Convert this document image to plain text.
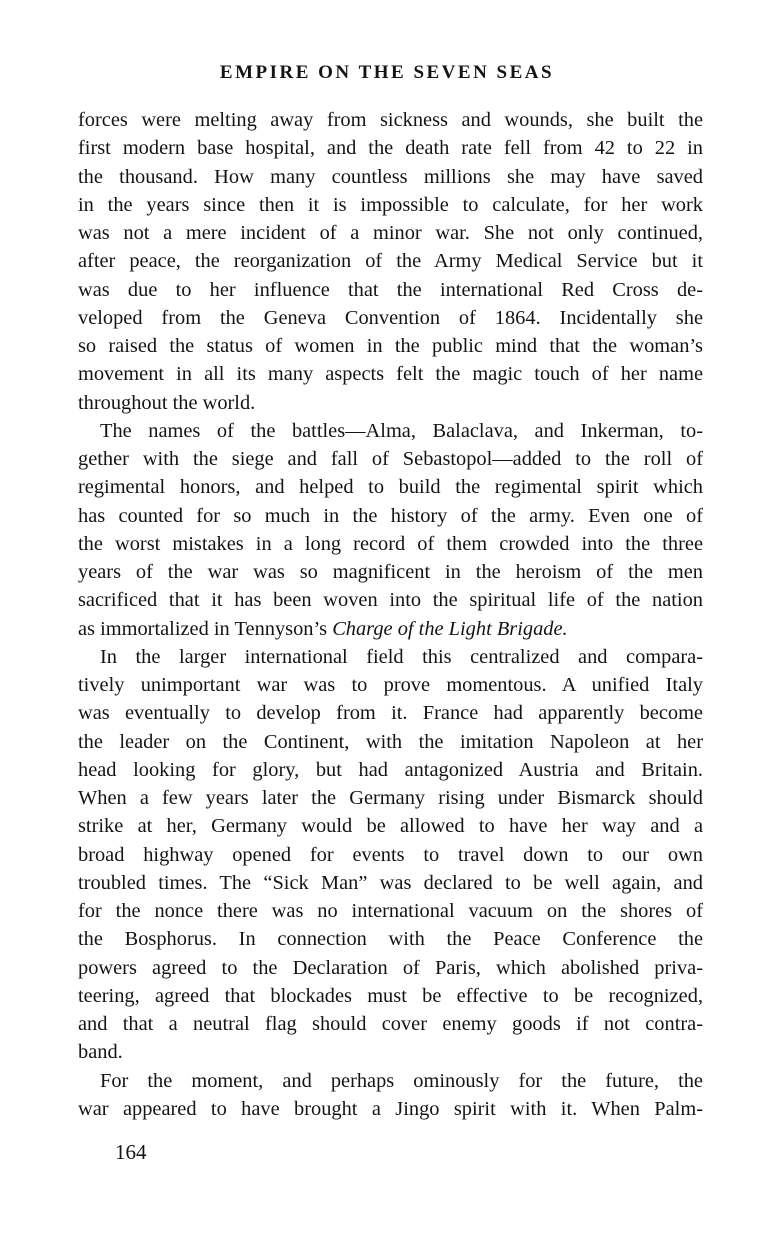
EMPIRE ON THE SEVEN SEAS
forces were melting away from sickness and wounds, she built the
first modern base hospital, and the death rate fell from 42 to 22 in
the thousand. How many countless millions she may have saved
in the years since then it is impossible to calculate, for her work
was not a mere incident of a minor war. She not only continued,
after peace, the reorganization of the Army Medical Service but it
was due to her influence that the international Red Cross de-
veloped from the Geneva Convention of 1864. Incidentally she
so raised the status of women in the public mind that the woman’s
movement in all its many aspects felt the magic touch of her name
throughout the world.
The names of the battles—Alma, Balaclava, and Inkerman, to-
gether with the siege and fall of Sebastopol—added to the roll of
regimental honors, and helped to build the regimental spirit which
has counted for so much in the history of the army. Even one of
the worst mistakes in a long record of them crowded into the three
years of the war was so magnificent in the heroism of the men
sacrificed that it has been woven into the spiritual life of the nation
as immortalized in Tennyson’s Charge of the Light Brigade.
In the larger international field this centralized and compara-
tively unimportant war was to prove momentous. A unified Italy
was eventually to develop from it. France had apparently become
the leader on the Continent, with the imitation Napoleon at her
head looking for glory, but had antagonized Austria and Britain.
When a few years later the Germany rising under Bismarck should
strike at her, Germany would be allowed to have her way and a
broad highway opened for events to travel down to our own
troubled times. The “Sick Man” was declared to be well again, and
for the nonce there was no international vacuum on the shores of
the Bosphorus. In connection with the Peace Conference the
powers agreed to the Declaration of Paris, which abolished priva-
teering, agreed that blockades must be effective to be recognized,
and that a neutral flag should cover enemy goods if not contra-
band.
For the moment, and perhaps ominously for the future, the
war appeared to have brought a Jingo spirit with it. When Palm-
164
